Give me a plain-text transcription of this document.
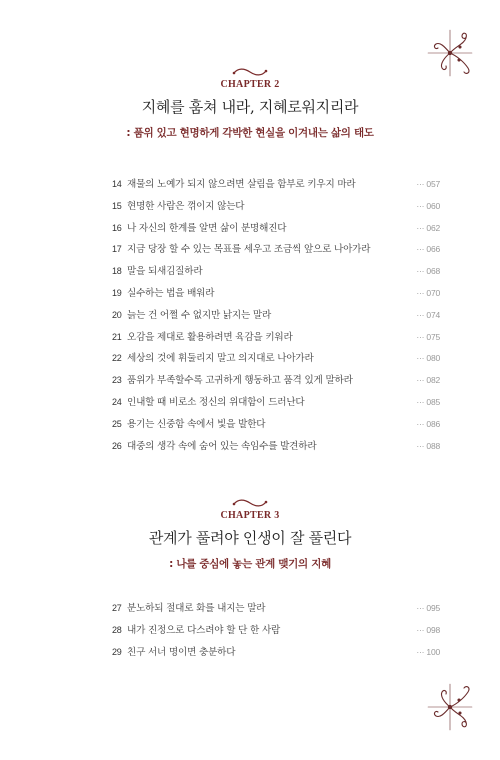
CHAPTER 2
지혜를 훔쳐 내라, 지혜로워지리라
: 품위 있고 현명하게 각박한 현실을 이겨내는 삶의 태도
14 재물의 노예가 되지 않으려면 살림을 함부로 키우지 마라	··· 057
15 현명한 사람은 꺾이지 않는다	··· 060
16 나 자신의 한계를 알면 삶이 분명해진다	··· 062
17 지금 당장 할 수 있는 목표를 세우고 조금씩 앞으로 나아가라	··· 066
18 말을 되새김질하라	··· 068
19 실수하는 법을 배워라	··· 070
20 늙는 건 어쩔 수 없지만 낡지는 말라	··· 074
21 오감을 제대로 활용하려면 육감을 키워라	··· 075
22 세상의 것에 휘둘리지 말고 의지대로 나아가라	··· 080
23 품위가 부족할수록 고귀하게 행동하고 품격 있게 말하라	··· 082
24 인내할 때 비로소 정신의 위대함이 드러난다	··· 085
25 용기는 신중함 속에서 빛을 발한다	··· 086
26 대중의 생각 속에 숨어 있는 속임수를 발견하라	··· 088
CHAPTER 3
관계가 풀려야 인생이 잘 풀린다
: 나를 중심에 놓는 관계 맺기의 지혜
27 분노하되 절대로 화를 내지는 말라	··· 095
28 내가 진정으로 다스려야 할 단 한 사람	··· 098
29 친구 서너 명이면 충분하다	··· 100
